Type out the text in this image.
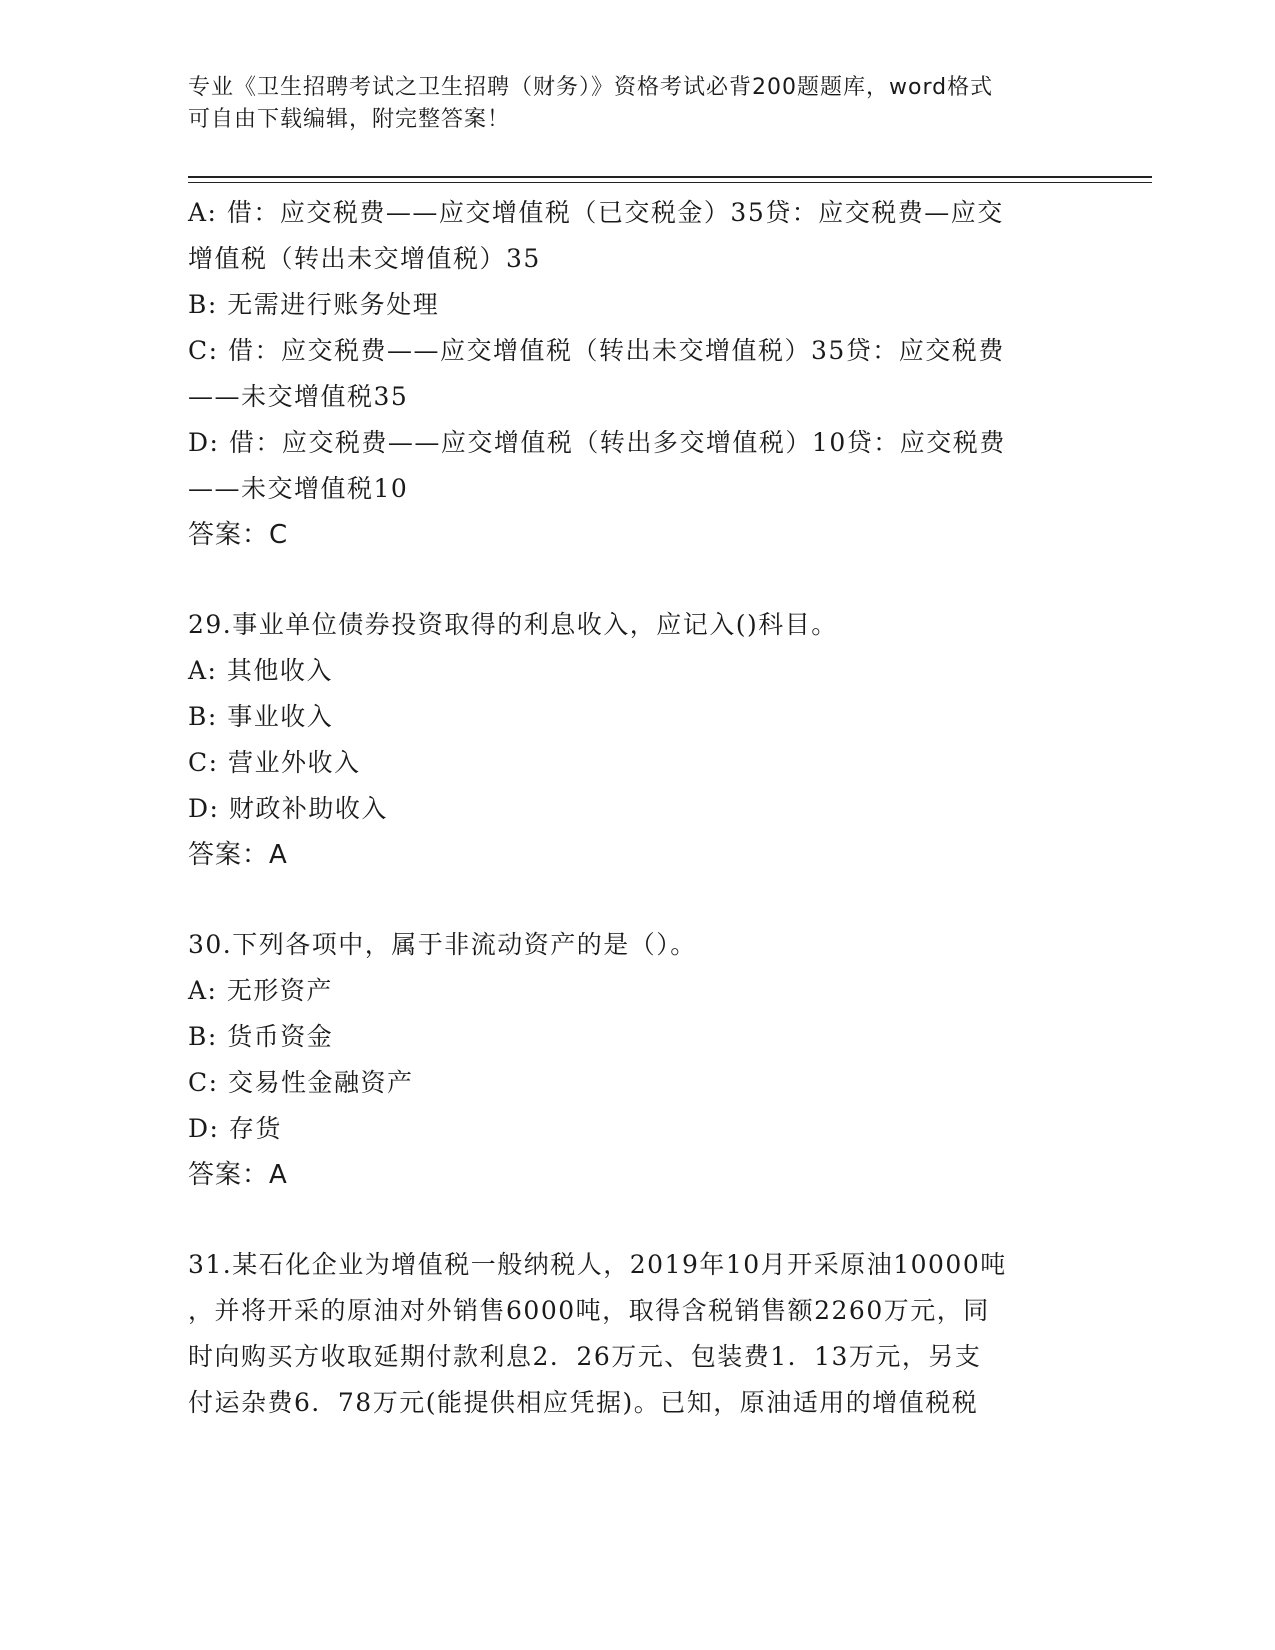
专业《卫生招聘考试之卫生招聘（财务）》资格考试必背200题题库，word格式
可自由下载编辑，附完整答案！
A: 借：应交税费——应交增值税（已交税金）35贷：应交税费—应交
增值税（转出未交增值税）35
B: 无需进行账务处理
C: 借：应交税费——应交增值税（转出未交增值税）35贷：应交税费
——未交增值税35
D: 借：应交税费——应交增值税（转出多交增值税）10贷：应交税费
——未交增值税10
答案：C
29.事业单位债券投资取得的利息收入，应记入()科目。
A: 其他收入
B: 事业收入
C: 营业外收入
D: 财政补助收入
答案：A
30.下列各项中，属于非流动资产的是（）。
A: 无形资产
B: 货币资金
C: 交易性金融资产
D: 存货
答案：A
31.某石化企业为增值税一般纳税人，2019年10月开采原油10000吨
，并将开采的原油对外销售6000吨，取得含税销售额2260万元，同
时向购买方收取延期付款利息2．26万元、包装费1．13万元，另支
付运杂费6．78万元(能提供相应凭据)。已知，原油适用的增值税税
